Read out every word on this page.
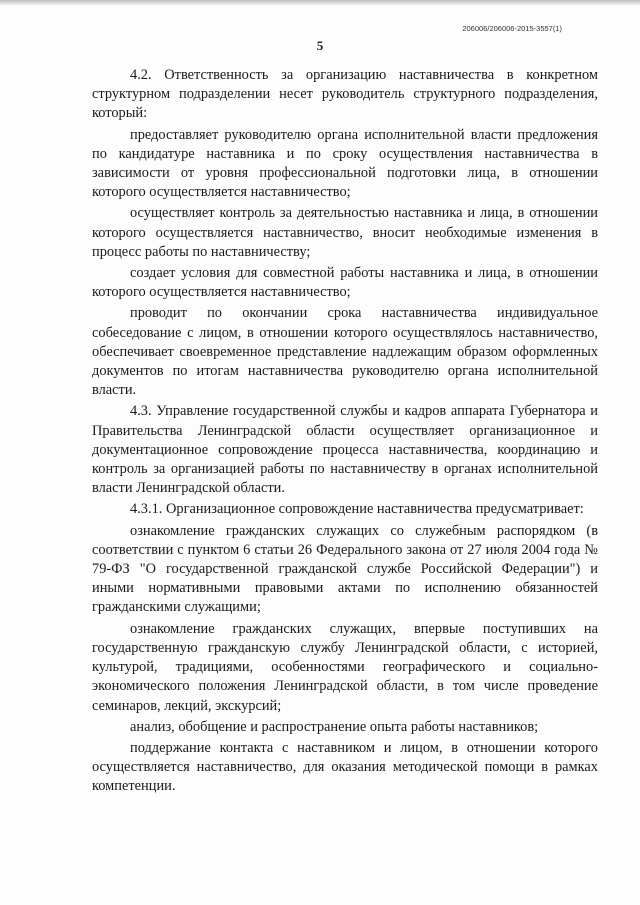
206006/206006-2015-3557(1)
5

4.2. Ответственность за организацию наставничества в конкретном структурном подразделении несет руководитель структурного подразделения, который:

предоставляет руководителю органа исполнительной власти предложения по кандидатуре наставника и по сроку осуществления наставничества в зависимости от уровня профессиональной подготовки лица, в отношении которого осуществляется наставничество;

осуществляет контроль за деятельностью наставника и лица, в отношении которого осуществляется наставничество, вносит необходимые изменения в процесс работы по наставничеству;

создает условия для совместной работы наставника и лица, в отношении которого осуществляется наставничество;

проводит по окончании срока наставничества индивидуальное собеседование с лицом, в отношении которого осуществлялось наставничество, обеспечивает своевременное представление надлежащим образом оформленных документов по итогам наставничества руководителю органа исполнительной власти.

4.3. Управление государственной службы и кадров аппарата Губернатора и Правительства Ленинградской области осуществляет организационное и документационное сопровождение процесса наставничества, координацию и контроль за организацией работы по наставничеству в органах исполнительной власти Ленинградской области.

4.3.1. Организационное сопровождение наставничества предусматривает:

ознакомление гражданских служащих со служебным распорядком (в соответствии с пунктом 6 статьи 26 Федерального закона от 27 июля 2004 года № 79-ФЗ "О государственной гражданской службе Российской Федерации") и иными нормативными правовыми актами по исполнению обязанностей гражданскими служащими;

ознакомление гражданских служащих, впервые поступивших на государственную гражданскую службу Ленинградской области, с историей, культурой, традициями, особенностями географического и социально-экономического положения Ленинградской области, в том числе проведение семинаров, лекций, экскурсий;

анализ, обобщение и распространение опыта работы наставников;

поддержание контакта с наставником и лицом, в отношении которого осуществляется наставничество, для оказания методической помощи в рамках компетенции.
